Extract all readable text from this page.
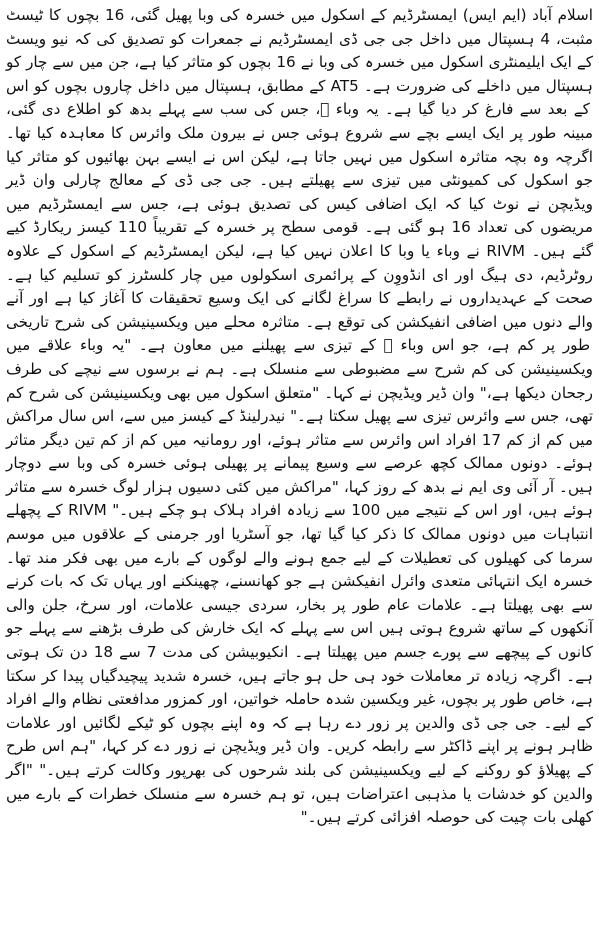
اسلام آباد (ایم ایس) ایمسٹرڈیم کے اسکول میں خسرہ کی وبا پھیل گئی، 16 بچوں کا ٹیسٹ مثبت، 4 ہسپتال میں داخل جی جی ڈی ایمسٹرڈیم نے جمعرات کو تصدیق کی کہ نیو ویسٹ کے ایک ایلیمنٹری اسکول میں خسرہ کی وبا نے 16 بچوں کو متاثر کیا ہے، جن میں سے چار کو ہسپتال میں داخلے کی ضرورت ہے۔ AT5 کے مطابق، ہسپتال میں داخل چاروں بچوں کو اس کے بعد سے فارغ کر دیا گیا ہے۔ یہ وباء ⃞، جس کی سب سے پہلے بدھ کو اطلاع دی گئی، مبینہ طور پر ایک ایسے بچے سے شروع ہوئی جس نے بیرون ملک وائرس کا معاہدہ کیا تھا۔ اگرچہ وہ بچہ متاثرہ اسکول میں نہیں جاتا ہے، لیکن اس نے ایسے بہن بھائیوں کو متاثر کیا جو اسکول کی کمیونٹی میں تیزی سے پھیلتے ہیں۔ جی جی ڈی کے معالج چارلی وان ڈیر ویڈیچن نے نوٹ کیا کہ ایک اضافی کیس کی تصدیق ہوئی ہے، جس سے ایمسٹرڈیم میں مریضوں کی تعداد 16 ہو گئی ہے۔ قومی سطح پر خسرہ کے تقریباً 110 کیسز ریکارڈ کیے گئے ہیں۔ RIVM نے وباء یا وبا کا اعلان نہیں کیا ہے، لیکن ایمسٹرڈیم کے اسکول کے علاوہ روٹرڈیم، دی ہیگ اور ای انڈووِن کے پرائمری اسکولوں میں چار کلسٹرز کو تسلیم کیا ہے۔ صحت کے عہدیداروں نے رابطے کا سراغ لگانے کی ایک وسیع تحقیقات کا آغاز کیا ہے اور آنے والے دنوں میں اضافی انفیکشن کی توقع ہے۔ متاثرہ محلے میں ویکسینیشن کی شرح تاریخی طور پر کم ہے، جو اس وباء ⃞ کے تیزی سے پھیلنے میں معاون ہے۔ "یہ وباء علاقے میں ویکسینیشن کی کم شرح سے مضبوطی سے منسلک ہے۔ ہم نے برسوں سے نیچے کی طرف رجحان دیکھا ہے،" وان ڈیر ویڈیچن نے کہا۔ "متعلق اسکول میں بھی ویکسینیشن کی شرح کم تھی، جس سے وائرس تیزی سے پھیل سکتا ہے۔" نیدرلینڈ کے کیسز میں سے، اس سال مراکش میں کم از کم 17 افراد اس وائرس سے متاثر ہوئے، اور رومانیہ میں کم از کم تین دیگر متاثر ہوئے۔ دونوں ممالک کچھ عرصے سے وسیع پیمانے پر پھیلی ہوئی خسرہ کی وبا سے دوچار ہیں۔ آر آئی وی ایم نے بدھ کے روز کہا، "مراکش میں کئی دسیوں ہزار لوگ خسرہ سے متاثر ہوئے ہیں، اور اس کے نتیجے میں 100 سے زیادہ افراد ہلاک ہو چکے ہیں۔" RIVM کے پچھلے انتباہات میں دونوں ممالک کا ذکر کیا گیا تھا، جو آسٹریا اور جرمنی کے علاقوں میں موسم سرما کی کھیلوں کی تعطیلات کے لیے جمع ہونے والے لوگوں کے بارے میں بھی فکر مند تھا۔ خسرہ ایک انتہائی متعدی وائرل انفیکشن ہے جو کھانسنے، چھینکنے اور یہاں تک کہ بات کرنے سے بھی پھیلتا ہے۔ علامات عام طور پر بخار، سردی جیسی علامات، اور سرخ، جلن والی آنکھوں کے ساتھ شروع ہوتی ہیں اس سے پہلے کہ ایک خارش کی طرف بڑھنے سے پہلے جو کانوں کے پیچھے سے پورے جسم میں پھیلتا ہے۔ انکیوبیشن کی مدت 7 سے 18 دن تک ہوتی ہے۔ اگرچہ زیادہ تر معاملات خود ہی حل ہو جاتے ہیں، خسرہ شدید پیچیدگیاں پیدا کر سکتا ہے، خاص طور پر بچوں، غیر ویکسین شدہ حاملہ خواتین، اور کمزور مدافعتی نظام والے افراد کے لیے۔ جی جی ڈی والدین پر زور دے رہا ہے کہ وہ اپنے بچوں کو ٹیکے لگائیں اور علامات ظاہر ہونے پر اپنے ڈاکٹر سے رابطہ کریں۔ وان ڈیر ویڈیچن نے زور دے کر کہا، "ہم اس طرح کے پھیلاؤ کو روکنے کے لیے ویکسینیشن کی بلند شرحوں کی بھرپور وکالت کرتے ہیں۔" "اگر والدین کو خدشات یا مذہبی اعتراضات ہیں، تو ہم خسرہ سے منسلک خطرات کے بارے میں کھلی بات چیت کی حوصلہ افزائی کرتے ہیں۔"
